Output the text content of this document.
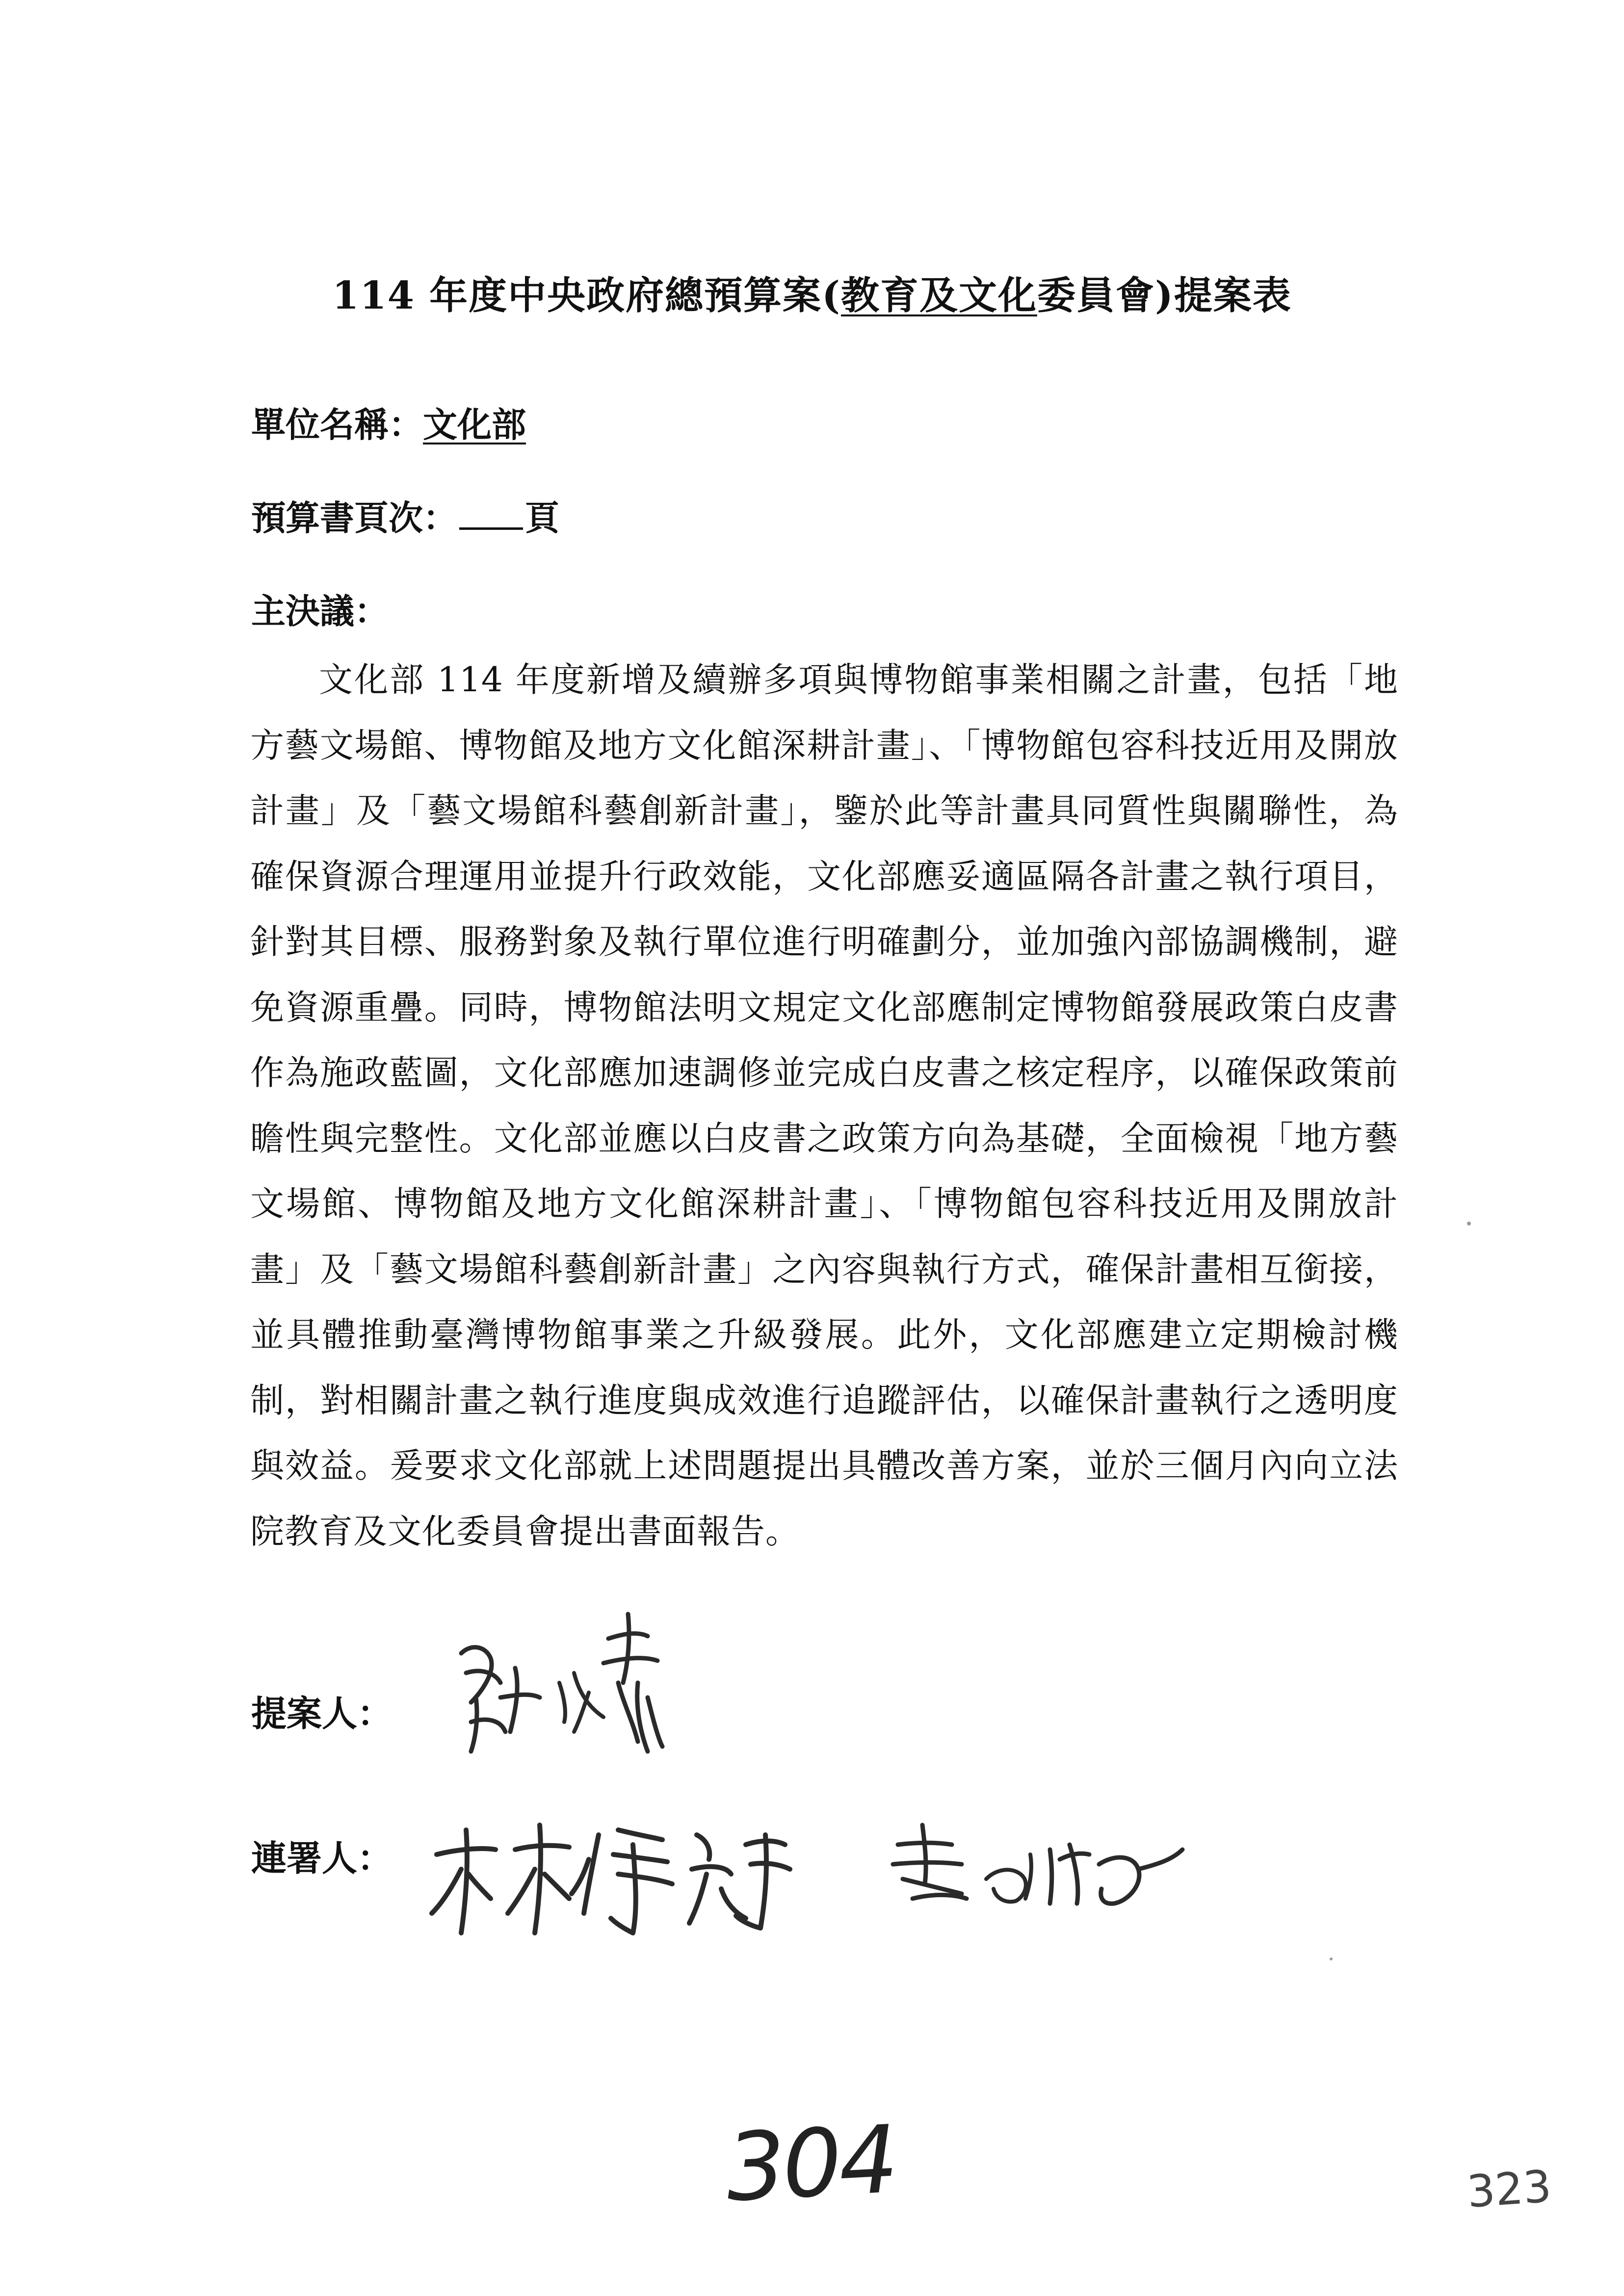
114 年度中央政府總預算案(教育及文化委員會)提案表
單位名稱：文化部
預算書頁次： 頁
主決議：
文化部 114 年度新增及續辦多項與博物館事業相關之計畫，包括「地方藝文場館、博物館及地方文化館深耕計畫」、「博物館包容科技近用及開放計畫」及「藝文場館科藝創新計畫」，鑒於此等計畫具同質性與關聯性，為確保資源合理運用並提升行政效能，文化部應妥適區隔各計畫之執行項目，針對其目標、服務對象及執行單位進行明確劃分，並加強內部協調機制，避免資源重疊。同時，博物館法明文規定文化部應制定博物館發展政策白皮書作為施政藍圖，文化部應加速調修並完成白皮書之核定程序，以確保政策前瞻性與完整性。文化部並應以白皮書之政策方向為基礎，全面檢視「地方藝文場館、博物館及地方文化館深耕計畫」、「博物館包容科技近用及開放計畫」及「藝文場館科藝創新計畫」之內容與執行方式，確保計畫相互銜接，並具體推動臺灣博物館事業之升級發展。此外，文化部應建立定期檢討機制，對相關計畫之執行進度與成效進行追蹤評估，以確保計畫執行之透明度與效益。爰要求文化部就上述問題提出具體改善方案，並於三個月內向立法院教育及文化委員會提出書面報告。
提案人：
連署人：
304	323
